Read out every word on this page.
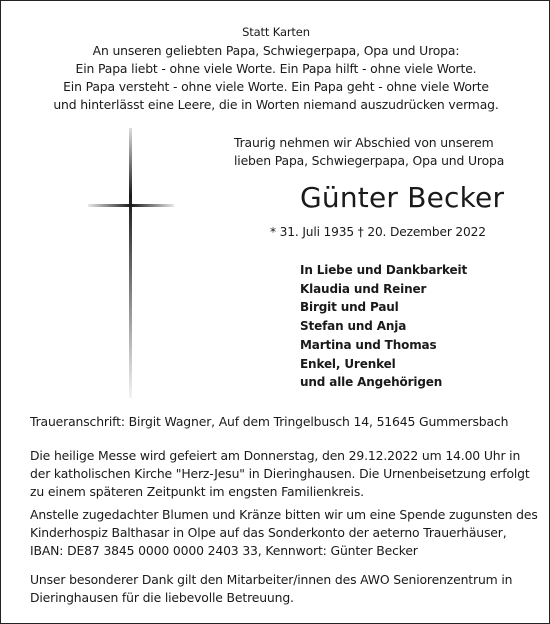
Statt Karten
An unseren geliebten Papa, Schwiegerpapa, Opa und Uropa:
Ein Papa liebt - ohne viele Worte. Ein Papa hilft - ohne viele Worte.
Ein Papa versteht - ohne viele Worte. Ein Papa geht - ohne viele Worte
und hinterlässt eine Leere, die in Worten niemand auszudrücken vermag.
Traurig nehmen wir Abschied von unserem
lieben Papa, Schwiegerpapa, Opa und Uropa
Günter Becker
* 31. Juli 1935 † 20. Dezember 2022
In Liebe und Dankbarkeit
Klaudia und Reiner
Birgit und Paul
Stefan und Anja
Martina und Thomas
Enkel, Urenkel
und alle Angehörigen
Traueranschrift: Birgit Wagner, Auf dem Tringelbusch 14, 51645 Gummersbach
Die heilige Messe wird gefeiert am Donnerstag, den 29.12.2022 um 14.00 Uhr in
der katholischen Kirche "Herz-Jesu" in Dieringhausen. Die Urnenbeisetzung erfolgt
zu einem späteren Zeitpunkt im engsten Familienkreis.
Anstelle zugedachter Blumen und Kränze bitten wir um eine Spende zugunsten des
Kinderhospiz Balthasar in Olpe auf das Sonderkonto der aeterno Trauerhäuser,
IBAN: DE87 3845 0000 0000 2403 33, Kennwort: Günter Becker
Unser besonderer Dank gilt den Mitarbeiter/innen des AWO Seniorenzentrum in
Dieringhausen für die liebevolle Betreuung.
